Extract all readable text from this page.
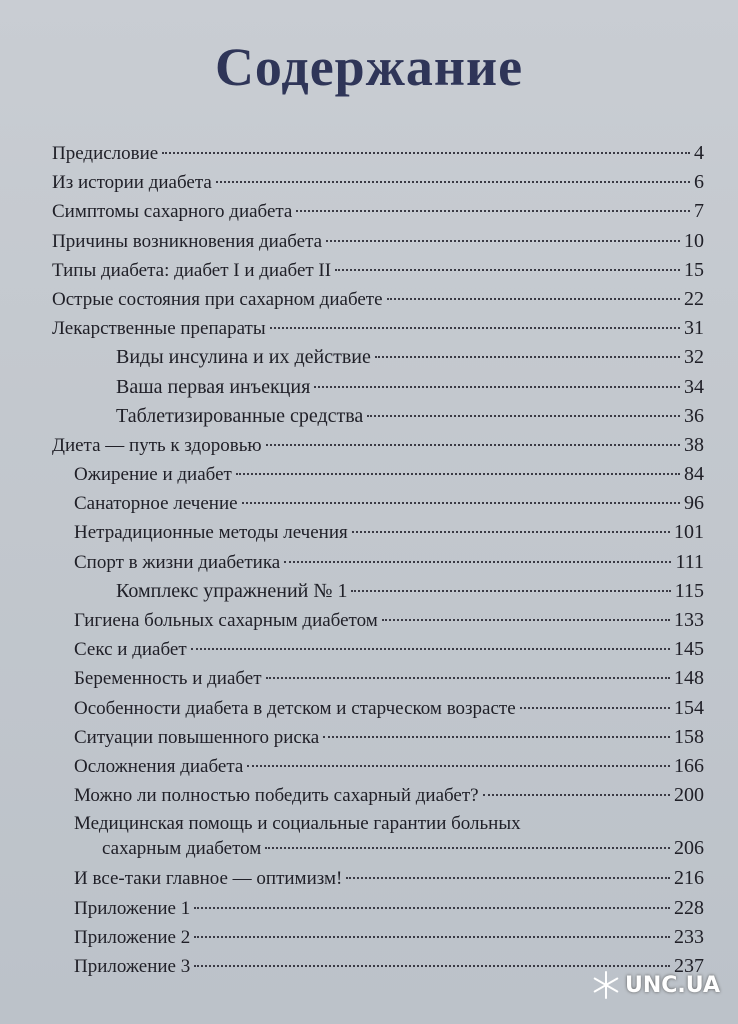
Содержание
Предисловие	4
Из истории диабета	6
Симптомы сахарного диабета	7
Причины возникновения диабета	10
Типы диабета: диабет I и диабет II	15
Острые состояния при сахарном диабете	22
Лекарственные препараты	31
Виды инсулина и их действие	32
Ваша первая инъекция	34
Таблетизированные средства	36
Диета — путь к здоровью	38
Ожирение и диабет	84
Санаторное лечение	96
Нетрадиционные методы лечения	101
Спорт в жизни диабетика	111
Комплекс упражнений № 1	115
Гигиена больных сахарным диабетом	133
Секс и диабет	145
Беременность и диабет	148
Особенности диабета в детском и старческом возрасте	154
Ситуации повышенного риска	158
Осложнения диабета	166
Можно ли полностью победить сахарный диабет?	200
Медицинская помощь и социальные гарантии больных
сахарным диабетом	206
И все-таки главное — оптимизм!	216
Приложение 1	228
Приложение 2	233
Приложение 3	237
UNC.UA
